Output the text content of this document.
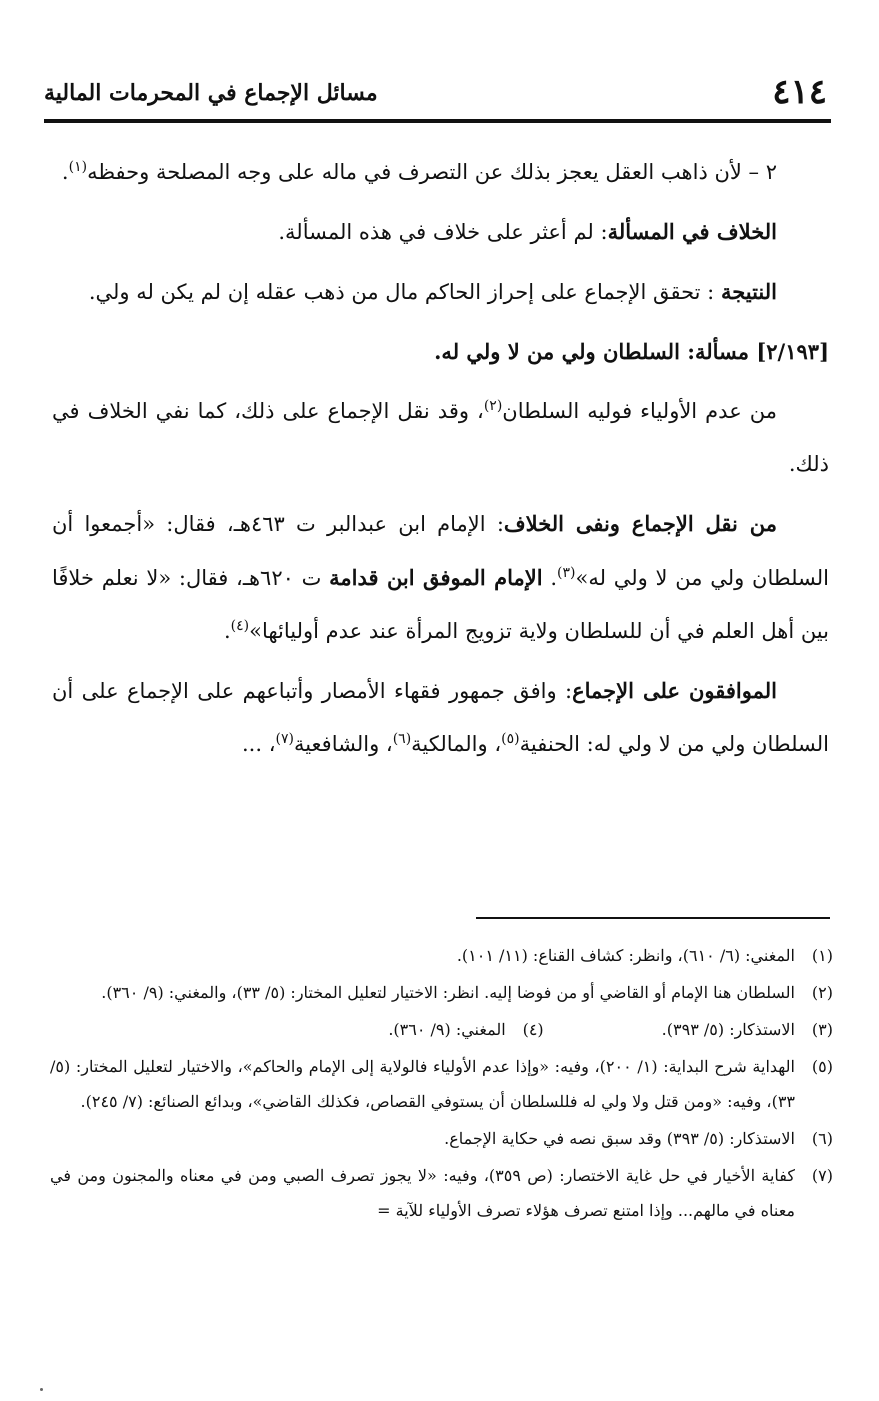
٤١٤
مسائل الإجماع في المحرمات المالية

٢ – لأن ذاهب العقل يعجز بذلك عن التصرف في ماله على وجه المصلحة وحفظه$^{(١)}$.

الخلاف في المسألة: لم أعثر على خلاف في هذه المسألة.

النتيجة : تحقق الإجماع على إحراز الحاكم مال من ذهب عقله إن لم يكن له ولي.

[٢/١٩٣] مسألة: السلطان ولي من لا ولي له.

من عدم الأولياء فوليه السلطان$^{(٢)}$، وقد نقل الإجماع على ذلك، كما نفي الخلاف في ذلك.

من نقل الإجماع ونفى الخلاف: الإمام ابن عبدالبر ت ٤٦٣هـ، فقال: «أجمعوا أن السلطان ولي من لا ولي له»$^{(٣)}$. الإمام الموفق ابن قدامة ت ٦٢٠هـ، فقال: «لا نعلم خلافًا بين أهل العلم في أن للسلطان ولاية تزويج المرأة عند عدم أوليائها»$^{(٤)}$.

الموافقون على الإجماع: وافق جمهور فقهاء الأمصار وأتباعهم على الإجماع على أن السلطان ولي من لا ولي له: الحنفية$^{(٥)}$، والمالكية$^{(٦)}$، والشافعية$^{(٧)}$، ...

(١)
المغني: (٦/ ٦١٠)، وانظر: كشاف القناع: (١١/ ١٠١).
(٢)
السلطان هنا الإمام أو القاضي أو من فوضا إليه. انظر: الاختيار لتعليل المختار: (٥/ ٣٣)، والمغني: (٩/ ٣٦٠).
(٣)
الاستذكار: (٥/ ٣٩٣).
(٤)
المغني: (٩/ ٣٦٠).
(٥)
الهداية شرح البداية: (١/ ٢٠٠)، وفيه: «وإذا عدم الأولياء فالولاية إلى الإمام والحاكم»، والاختيار لتعليل المختار: (٥/ ٣٣)، وفيه: «ومن قتل ولا ولي له فللسلطان أن يستوفي القصاص، فكذلك القاضي»، وبدائع الصنائع: (٧/ ٢٤٥).
(٦)
الاستذكار: (٥/ ٣٩٣) وقد سبق نصه في حكاية الإجماع.
(٧)
كفاية الأخيار في حل غاية الاختصار: (ص ٣٥٩)، وفيه: «لا يجوز تصرف الصبي ومن في معناه والمجنون ومن في معناه في مالهم... وإذا امتنع تصرف هؤلاء تصرف الأولياء للآية =
